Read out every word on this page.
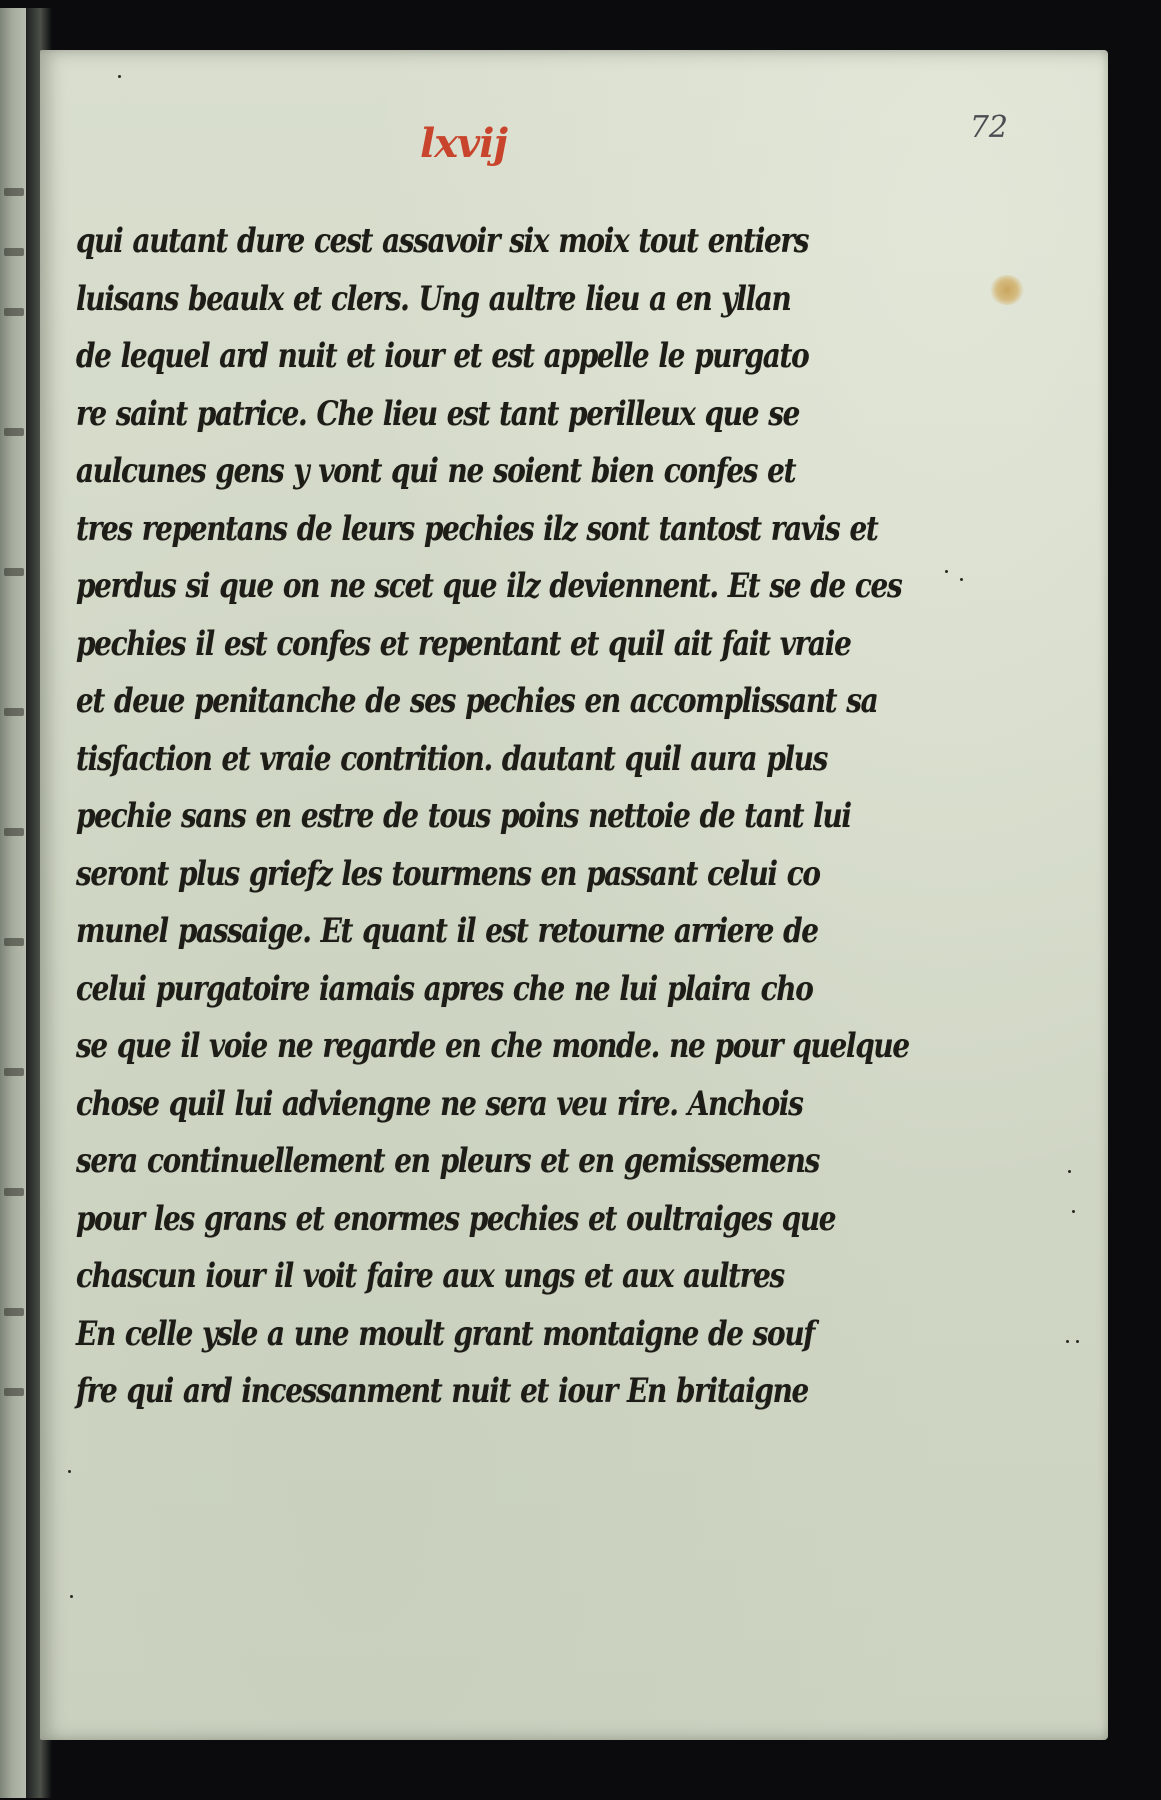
72
lxvij
qui autant dure cest assavoir six moix tout entiers
luisans beaulx et clers. Ung aultre lieu a en yllan
de lequel ard nuit et iour et est appelle le purgato
re saint patrice. Che lieu est tant perilleux que se
aulcunes gens y vont qui ne soient bien confes et
tres repentans de leurs pechies ilz sont tantost ravis et
perdus si que on ne scet que ilz deviennent. Et se de ces
pechies il est confes et repentant et quil ait fait vraie
et deue penitanche de ses pechies en accomplissant sa
tisfaction et vraie contrition. dautant quil aura plus
pechie sans en estre de tous poins nettoie de tant lui
seront plus griefz les tourmens en passant celui co
munel passaige. Et quant il est retourne arriere de
celui purgatoire iamais apres che ne lui plaira cho
se que il voie ne regarde en che monde. ne pour quelque
chose quil lui adviengne ne sera veu rire. Anchois
sera continuellement en pleurs et en gemissemens
pour les grans et enormes pechies et oultraiges que
chascun iour il voit faire aux ungs et aux aultres
En celle ysle a une moult grant montaigne de souf
fre qui ard incessanment nuit et iour En britaigne
